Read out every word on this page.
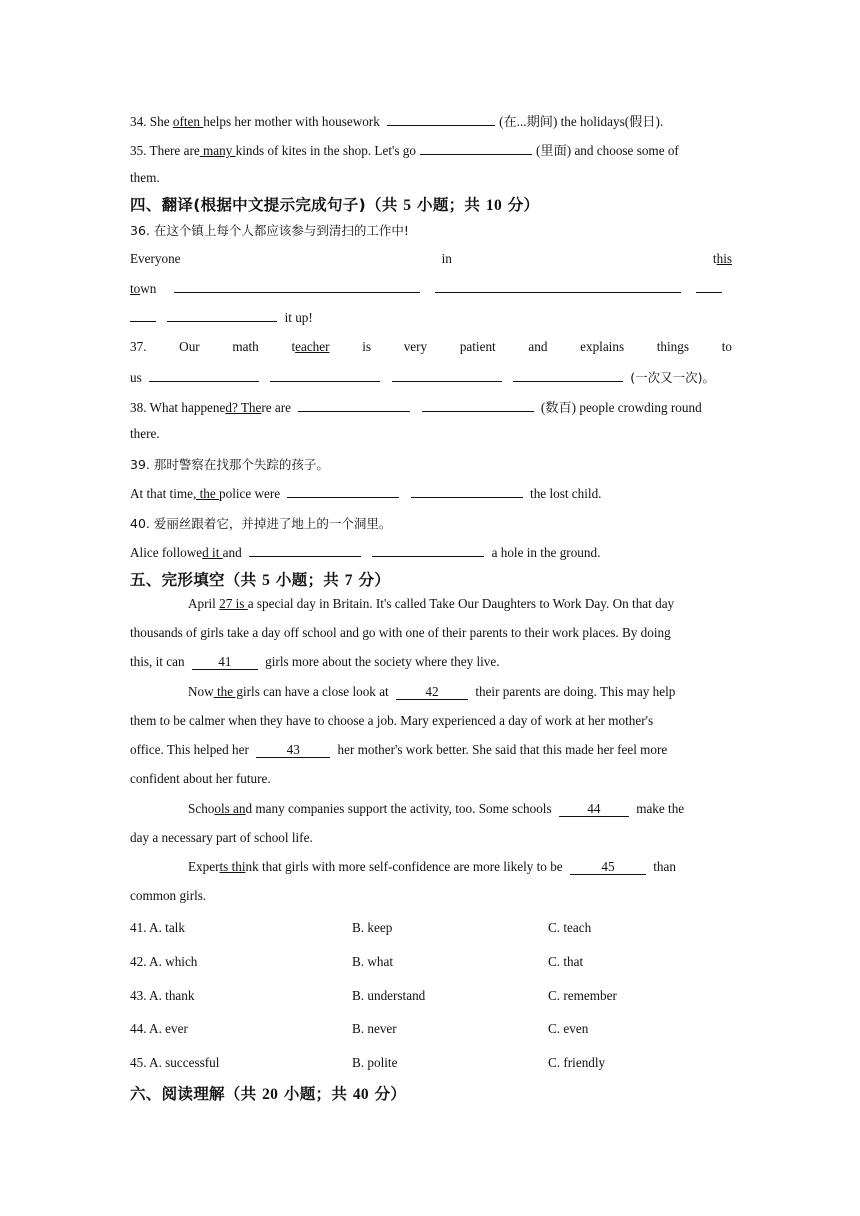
34. She often helps her mother with housework	(在...期间) the holidays(假日).
35. There are many kinds of kites in the shop. Let's go	(里面) and choose some of
them.
四、翻译(根据中文提示完成句子)（共 5 小题；共 10 分）
36. 在这个镇上每个人都应该参与到清扫的工作中!
Everyone	in	this
town
it up!
37. Our math teacher is very patient and explains things to
us	(一次又一次)。
38. What happened? There are	(数百) people crowding round
there.
39. 那时警察在找那个失踪的孩子。
At that time, the police were	the lost child.
40. 爱丽丝跟着它，并掉进了地上的一个洞里。
Alice followed it and	a hole in the ground.
五、完形填空（共 5 小题；共 7 分）
April 27 is a special day in Britain. It's called Take Our Daughters to Work Day. On that day
thousands of girls take a day off school and go with one of their parents to their work places. By doing
this, it can	41	girls more about the society where they live.
Now the girls can have a close look at	42	their parents are doing. This may help
them to be calmer when they have to choose a job. Mary experienced a day of work at her mother's
office. This helped her	43	her mother's work better. She said that this made her feel more
confident about her future.
Schools and many companies support the activity, too. Some schools	44	make the
day a necessary part of school life.
Experts think that girls with more self-confidence are more likely to be	45	than
common girls.
41. A. talk	B. keep	C. teach
42. A. which	B. what	C. that
43. A. thank	B. understand	C. remember
44. A. ever	B. never	C. even
45. A. successful	B. polite	C. friendly
六、阅读理解（共 20 小题；共 40 分）
